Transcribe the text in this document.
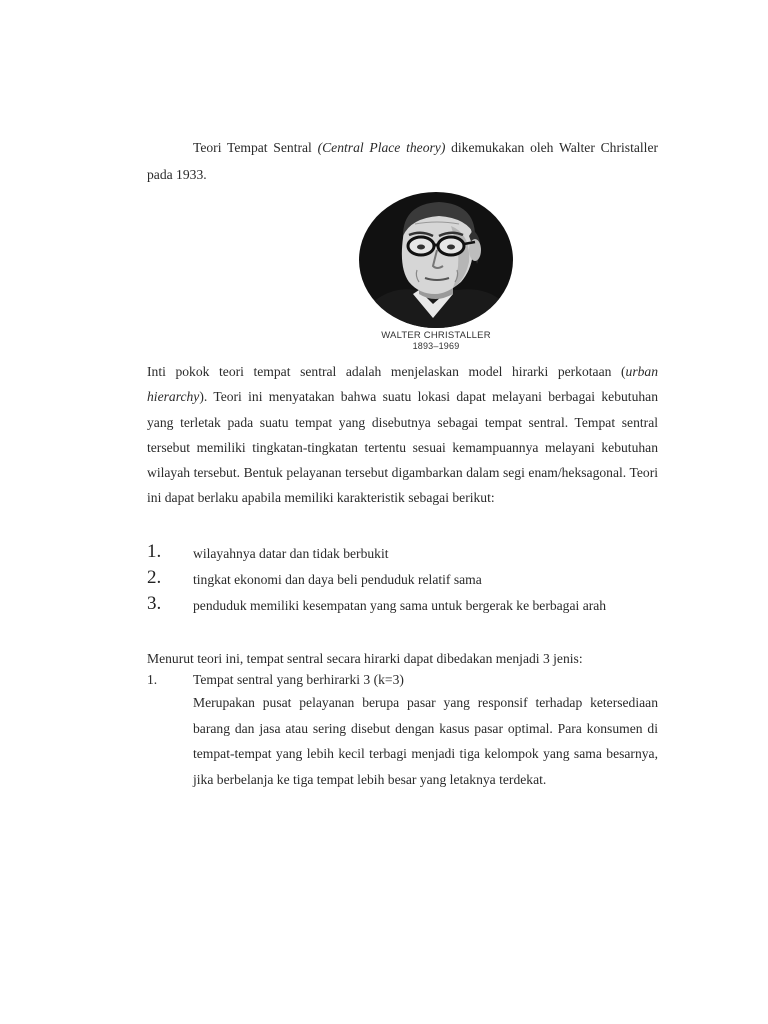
Teori Tempat Sentral (Central Place theory) dikemukakan oleh Walter Christaller pada 1933.

WALTER CHRISTALLER
1893–1969

Inti pokok teori tempat sentral adalah menjelaskan model hirarki perkotaan (urban hierarchy). Teori ini menyatakan bahwa suatu lokasi dapat melayani berbagai kebutuhan yang terletak pada suatu tempat yang disebutnya sebagai tempat sentral. Tempat sentral tersebut memiliki tingkatan-tingkatan tertentu sesuai kemampuannya melayani kebutuhan wilayah tersebut. Bentuk pelayanan tersebut digambarkan dalam segi enam/heksagonal. Teori ini dapat berlaku apabila memiliki karakteristik sebagai berikut:

1. wilayahnya datar dan tidak berbukit
2. tingkat ekonomi dan daya beli penduduk relatif sama
3. penduduk memiliki kesempatan yang sama untuk bergerak ke berbagai arah

Menurut teori ini, tempat sentral secara hirarki dapat dibedakan menjadi 3 jenis:

1.	Tempat sentral yang berhirarki 3 (k=3)
Merupakan pusat pelayanan berupa pasar yang responsif terhadap ketersediaan barang dan jasa atau sering disebut dengan kasus pasar optimal. Para konsumen di tempat-tempat yang lebih kecil terbagi menjadi tiga kelompok yang sama besarnya, jika berbelanja ke tiga tempat lebih besar yang letaknya terdekat.
